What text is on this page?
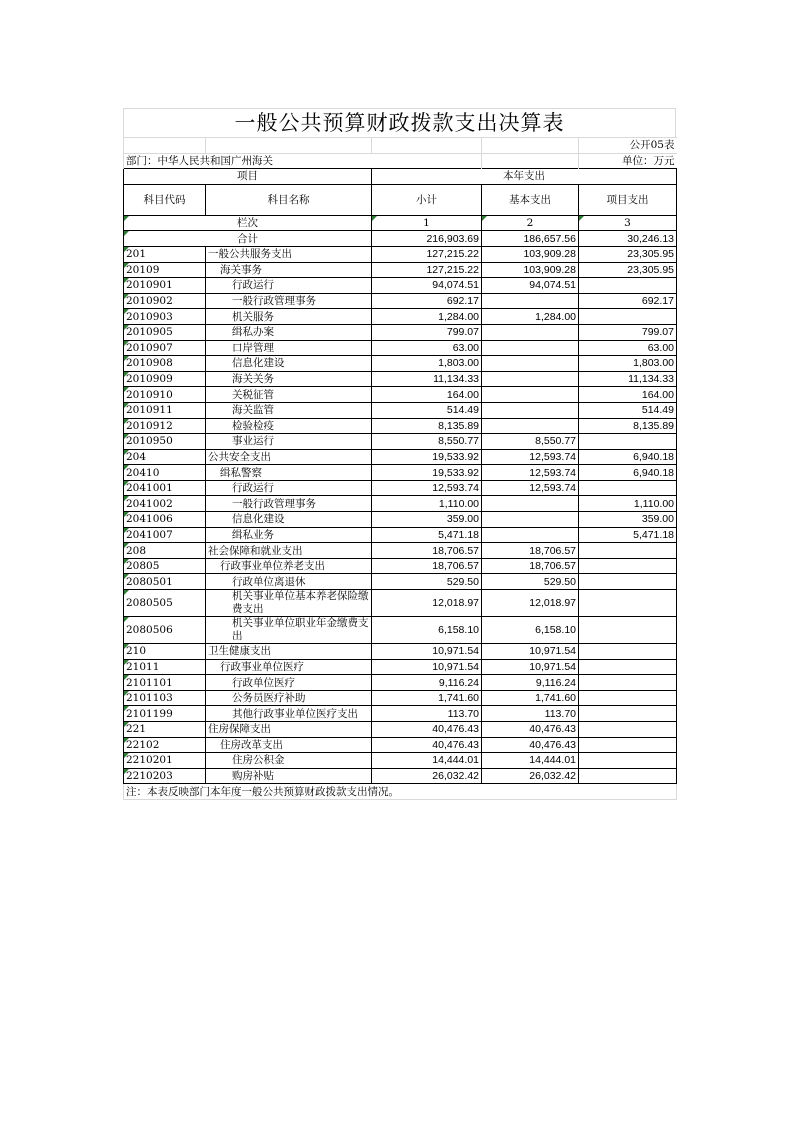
一般公共预算财政拨款支出决算表
				公开05表
部门：中华人民共和国广州海关				单位：万元
项目		本年支出		
科目代码	科目名称	小计	基本支出	项目支出
栏次		1	2	3
合计		216,903.69	186,657.56	30,246.13
201	一般公共服务支出	127,215.22	103,909.28	23,305.95
20109	海关事务	127,215.22	103,909.28	23,305.95
2010901	行政运行	94,074.51	94,074.51	
2010902	一般行政管理事务	692.17		692.17
2010903	机关服务	1,284.00	1,284.00	
2010905	缉私办案	799.07		799.07
2010907	口岸管理	63.00		63.00
2010908	信息化建设	1,803.00		1,803.00
2010909	海关关务	11,134.33		11,134.33
2010910	关税征管	164.00		164.00
2010911	海关监管	514.49		514.49
2010912	检验检疫	8,135.89		8,135.89
2010950	事业运行	8,550.77	8,550.77	
204	公共安全支出	19,533.92	12,593.74	6,940.18
20410	缉私警察	19,533.92	12,593.74	6,940.18
2041001	行政运行	12,593.74	12,593.74	
2041002	一般行政管理事务	1,110.00		1,110.00
2041006	信息化建设	359.00		359.00
2041007	缉私业务	5,471.18		5,471.18
208	社会保障和就业支出	18,706.57	18,706.57	
20805	行政事业单位养老支出	18,706.57	18,706.57	
2080501	行政单位离退休	529.50	529.50	
2080505	机关事业单位基本养老保险缴费支出	12,018.97	12,018.97	
2080506	机关事业单位职业年金缴费支出	6,158.10	6,158.10	
210	卫生健康支出	10,971.54	10,971.54	
21011	行政事业单位医疗	10,971.54	10,971.54	
2101101	行政单位医疗	9,116.24	9,116.24	
2101103	公务员医疗补助	1,741.60	1,741.60	
2101199	其他行政事业单位医疗支出	113.70	113.70	
221	住房保障支出	40,476.43	40,476.43	
22102	住房改革支出	40,476.43	40,476.43	
2210201	住房公积金	14,444.01	14,444.01	
2210203	购房补贴	26,032.42	26,032.42	
注：本表反映部门本年度一般公共预算财政拨款支出情况。				
